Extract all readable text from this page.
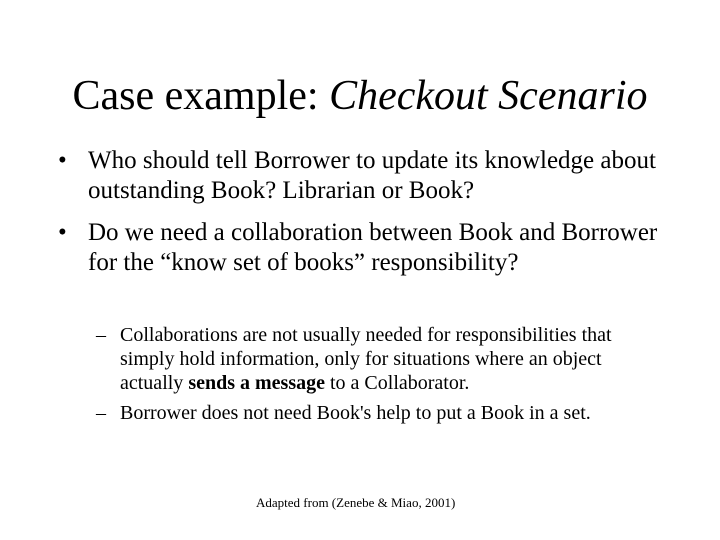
Case example: Checkout Scenario
• Who should tell Borrower to update its knowledge about outstanding Book? Librarian or Book?
• Do we need a collaboration between Book and Borrower for the “know set of books” responsibility?
– Collaborations are not usually needed for responsibilities that simply hold information, only for situations where an object actually sends a message to a Collaborator.
– Borrower does not need Book's help to put a Book in a set.
Adapted from (Zenebe & Miao, 2001)
